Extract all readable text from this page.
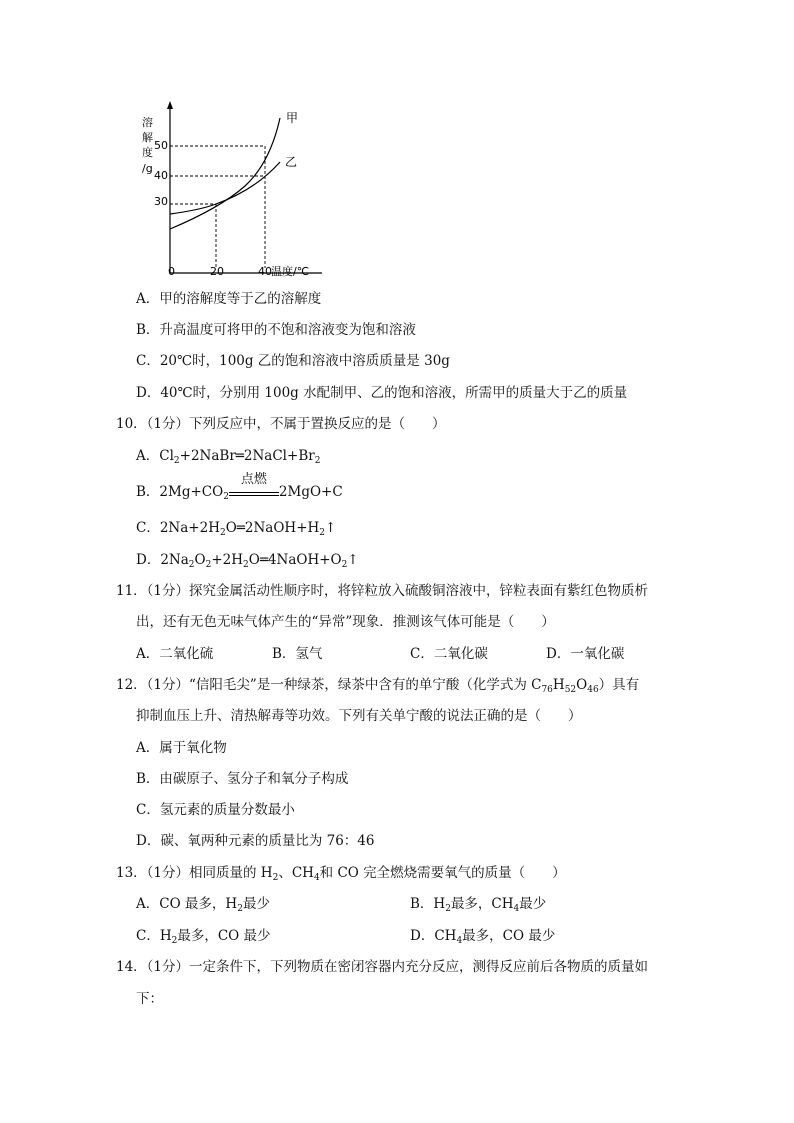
溶
解
度
/g
30
40
50
0	20	40 温度/℃
甲
乙
A．甲的溶解度等于乙的溶解度
B．升高温度可将甲的不饱和溶液变为饱和溶液
C．20℃时，100g 乙的饱和溶液中溶质质量是 30g
D．40℃时，分别用 100g 水配制甲、乙的饱和溶液，所需甲的质量大于乙的质量
10．（1分）下列反应中，不属于置换反应的是（　　）
A．$Cl_2+2NaBr═2NaCl+Br_2$
B．$2Mg+CO_2$
点燃
2MgO+C
C．$2Na+2H_2O═2NaOH+H_2↑$
D．$2Na_2O_2+2H_2O═4NaOH+O_2↑$
11．（1分）探究金属活动性顺序时，将锌粒放入硫酸铜溶液中，锌粒表面有紫红色物质析
出，还有无色无味气体产生的“异常”现象．推测该气体可能是（　　）
A．二氧化硫	B．氢气	C．二氧化碳	D．一氧化碳
12．（1分）“信阳毛尖”是一种绿茶，绿茶中含有的单宁酸（化学式为 $C_{76}H_{52}O_{46}$）具有
抑制血压上升、清热解毒等功效。下列有关单宁酸的说法正确的是（　　）
A．属于氧化物
B．由碳原子、氢分子和氧分子构成
C．氢元素的质量分数最小
D．碳、氧两种元素的质量比为 76：46
13．（1分）相同质量的 $H_2$、$CH_4$和 CO 完全燃烧需要氧气的质量（　　）
A．CO 最多，$H_2$最少	B．$H_2$最多，$CH_4$最少
C．$H_2$最多，CO 最少	D．$CH_4$最多，CO 最少
14．（1分）一定条件下，下列物质在密闭容器内充分反应，测得反应前后各物质的质量如
下：
